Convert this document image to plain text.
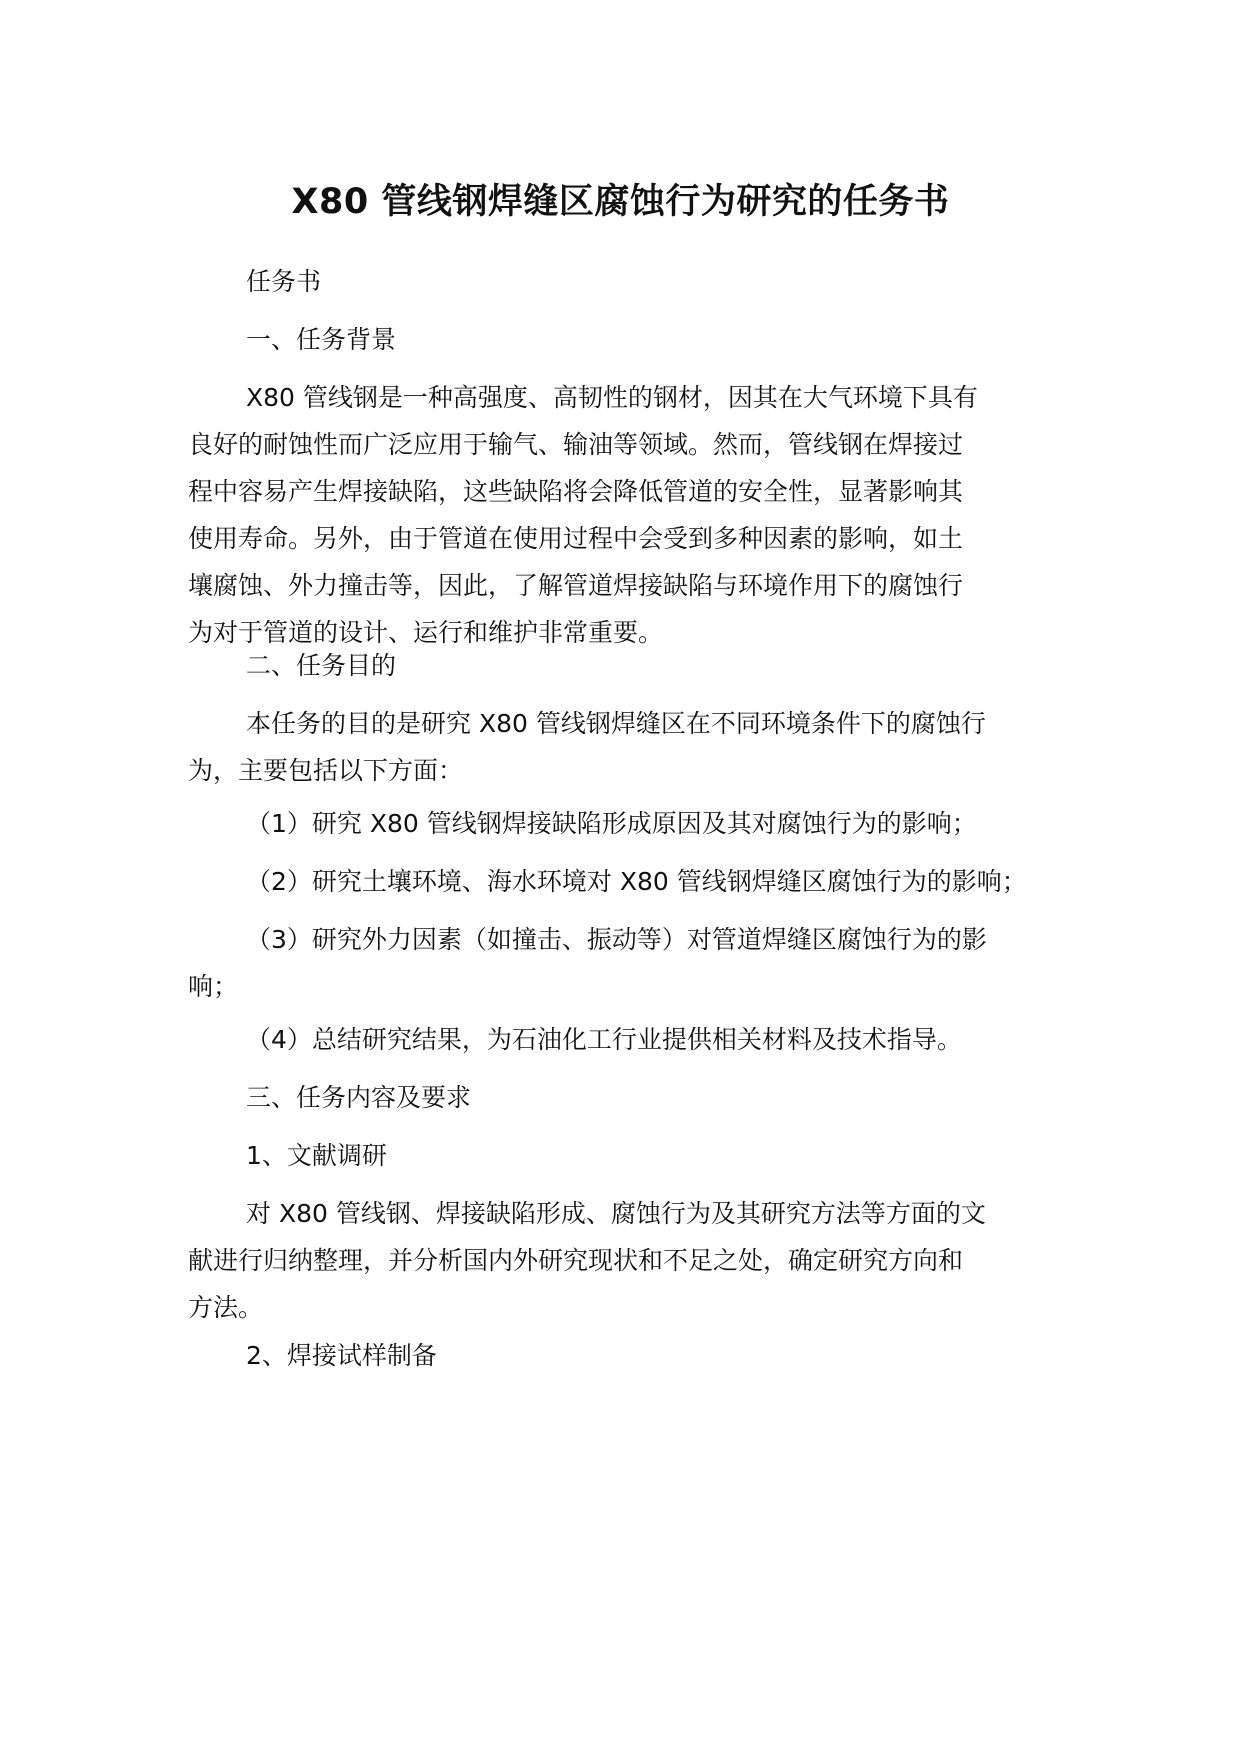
X80 管线钢焊缝区腐蚀行为研究的任务书
任务书
一、任务背景
X80 管线钢是一种高强度、高韧性的钢材，因其在大气环境下具有
良好的耐蚀性而广泛应用于输气、输油等领域。然而，管线钢在焊接过
程中容易产生焊接缺陷，这些缺陷将会降低管道的安全性，显著影响其
使用寿命。另外，由于管道在使用过程中会受到多种因素的影响，如土
壤腐蚀、外力撞击等，因此，了解管道焊接缺陷与环境作用下的腐蚀行
为对于管道的设计、运行和维护非常重要。
二、任务目的
本任务的目的是研究 X80 管线钢焊缝区在不同环境条件下的腐蚀行
为，主要包括以下方面：
（1）研究 X80 管线钢焊接缺陷形成原因及其对腐蚀行为的影响；
（2）研究土壤环境、海水环境对 X80 管线钢焊缝区腐蚀行为的影响；
（3）研究外力因素（如撞击、振动等）对管道焊缝区腐蚀行为的影
响；
（4）总结研究结果，为石油化工行业提供相关材料及技术指导。
三、任务内容及要求
1、文献调研
对 X80 管线钢、焊接缺陷形成、腐蚀行为及其研究方法等方面的文
献进行归纳整理，并分析国内外研究现状和不足之处，确定研究方向和
方法。
2、焊接试样制备
